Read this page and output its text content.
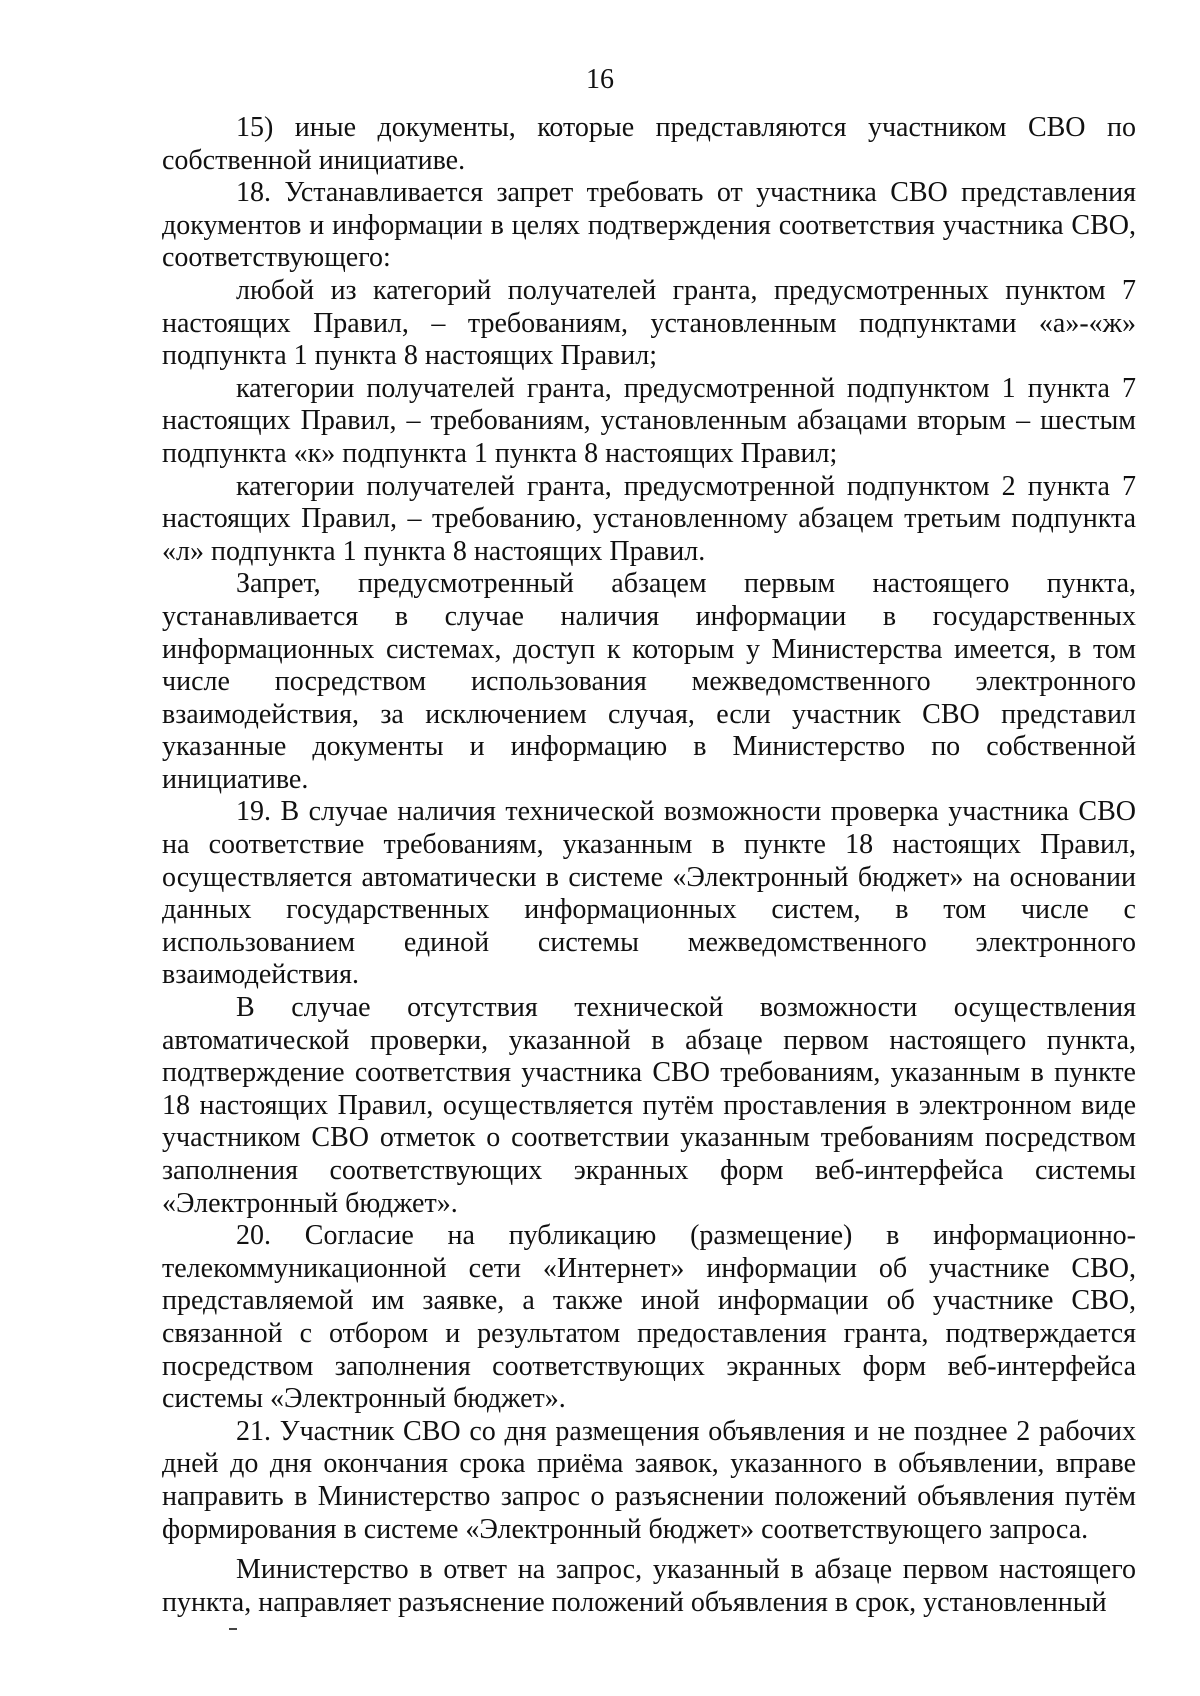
16

15) иные документы, которые представляются участником СВО по собственной инициативе.

18. Устанавливается запрет требовать от участника СВО представления документов и информации в целях подтверждения соответствия участника СВО, соответствующего:

любой из категорий получателей гранта, предусмотренных пунктом 7 настоящих Правил, – требованиям, установленным подпунктами «а»-«ж» подпункта 1 пункта 8 настоящих Правил;

категории получателей гранта, предусмотренной подпунктом 1 пункта 7 настоящих Правил, – требованиям, установленным абзацами вторым – шестым подпункта «к» подпункта 1 пункта 8 настоящих Правил;

категории получателей гранта, предусмотренной подпунктом 2 пункта 7 настоящих Правил, – требованию, установленному абзацем третьим подпункта «л» подпункта 1 пункта 8 настоящих Правил.

Запрет, предусмотренный абзацем первым настоящего пункта, устанавливается в случае наличия информации в государственных информационных системах, доступ к которым у Министерства имеется, в том числе посредством использования межведомственного электронного взаимодействия, за исключением случая, если участник СВО представил указанные документы и информацию в Министерство по собственной инициативе.

19. В случае наличия технической возможности проверка участника СВО на соответствие требованиям, указанным в пункте 18 настоящих Правил, осуществляется автоматически в системе «Электронный бюджет» на основании данных государственных информационных систем, в том числе с использованием единой системы межведомственного электронного взаимодействия.

В случае отсутствия технической возможности осуществления автоматической проверки, указанной в абзаце первом настоящего пункта, подтверждение соответствия участника СВО требованиям, указанным в пункте 18 настоящих Правил, осуществляется путём проставления в электронном виде участником СВО отметок о соответствии указанным требованиям посредством заполнения соответствующих экранных форм веб-интерфейса системы «Электронный бюджет».

20. Согласие на публикацию (размещение) в информационно-телекоммуникационной сети «Интернет» информации об участнике СВО, представляемой им заявке, а также иной информации об участнике СВО, связанной с отбором и результатом предоставления гранта, подтверждается посредством заполнения соответствующих экранных форм веб-интерфейса системы «Электронный бюджет».

21. Участник СВО со дня размещения объявления и не позднее 2 рабочих дней до дня окончания срока приёма заявок, указанного в объявлении, вправе направить в Министерство запрос о разъяснении положений объявления путём формирования в системе «Электронный бюджет» соответствующего запроса.

Министерство в ответ на запрос, указанный в абзаце первом настоящего пункта, направляет разъяснение положений объявления в срок, установленный
